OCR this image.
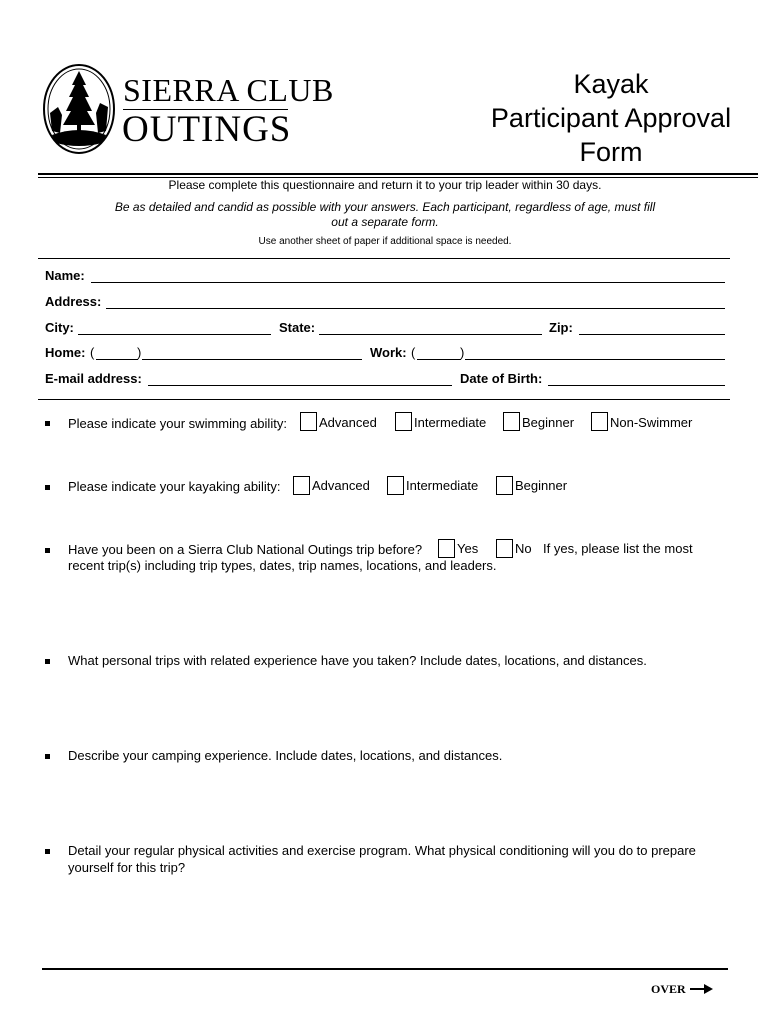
SIERRA CLUB
OUTINGS
Kayak
Participant Approval
Form
Please complete this questionnaire and return it to your trip leader within 30 days.
Be as detailed and candid as possible with your answers. Each participant, regardless of age, must fill out a separate form.
Use another sheet of paper if additional space is needed.
Name:
Address:
City:	State:	Zip:
Home: (	)	Work: (	)
E-mail address:	Date of Birth:
Please indicate your swimming ability: Advanced	Intermediate	Beginner	Non-Swimmer
Please indicate your kayaking ability: Advanced	Intermediate	Beginner
Have you been on a Sierra Club National Outings trip before?	Yes	No If yes, please list the most
recent trip(s) including trip types, dates, trip names, locations, and leaders.
What personal trips with related experience have you taken? Include dates, locations, and distances.
Describe your camping experience. Include dates, locations, and distances.
Detail your regular physical activities and exercise program. What physical conditioning will you do to prepare
yourself for this trip?
OVER
